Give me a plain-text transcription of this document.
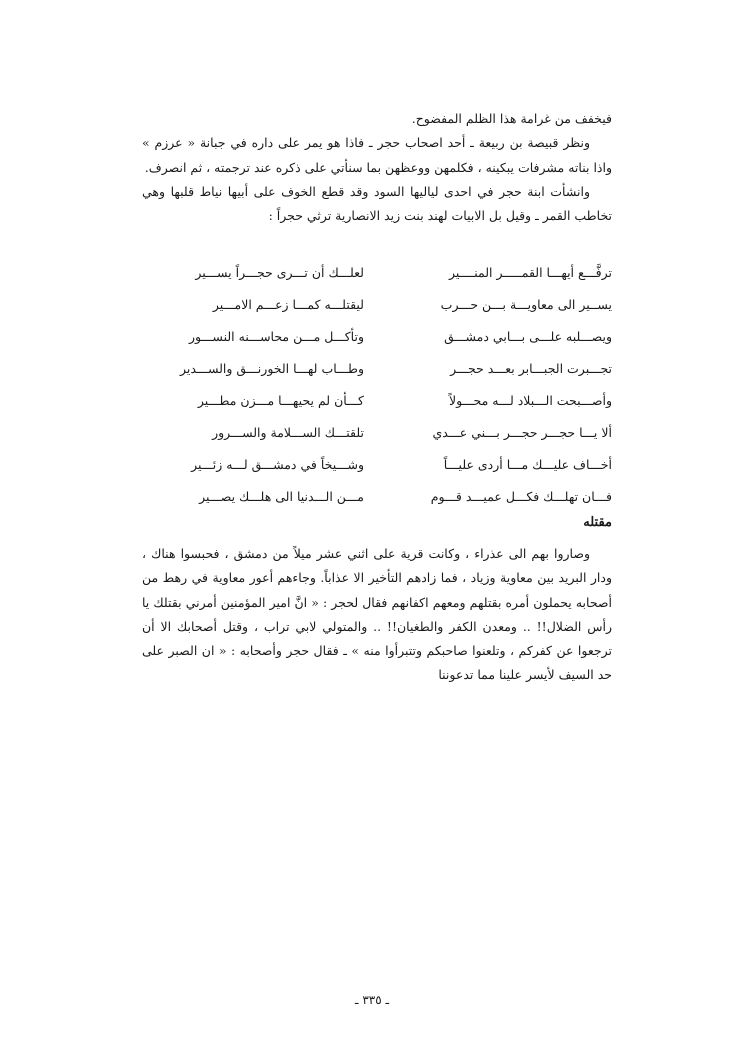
فيخفف من غرامة هذا الظلم المفضوح.

ونظر قبيصة بن ربيعة ـ أحد اصحاب حجر ـ فاذا هو يمر على داره في جبانة « عرزم » واذا بناته مشرفات يبكينه ، فكلمهن ووعظهن بما سنأتي على ذكره عند ترجمته ، ثم انصرف.

وانشأت ابنة حجر في احدى لياليها السود وقد قطع الخوف على أبيها نياط قلبها وهي تخاطب القمر ـ وقيل بل الابيات لهند بنت زيد الانصارية ترثي حجراً :

ترفَّـــع أيهـــا القمـــــر المنــــير
لعلـــك أن تـــرى حجـــراً يســـير
يســير الى معاويـــة بـــن حـــرب
ليقتلـــه كمـــا زعـــم الامـــير
ويصـــلبه علـــى بـــابي دمشـــق
وتأكـــل مـــن محاســـنه النســـور
تجـــبرت الجبـــابر بعـــد حجـــر
وطـــاب لهـــا الخورنـــق والســـدير
وأصـــبحت الـــبلاد لـــه محـــولاً
كـــأن لم يحيهـــا مـــزن مطـــير
ألا يـــا حجـــر حجـــر بـــني عـــدي
تلقتـــك الســـلامة والســـرور
أخـــاف عليـــك مـــا أردى عليـــاً
وشـــيخاً في دمشـــق لـــه زئـــير
فـــان تهلـــك فكـــل عميـــد قـــوم
مـــن الـــدنيا الى هلـــك يصـــير
مقتله

وصاروا بهم الى عذراء ، وكانت قرية على اثني عشر ميلاً من دمشق ، فحبسوا هناك ، ودار البريد بين معاوية وزياد ، فما زادهم التأخير الا عذاباً. وجاءهم أعور معاوية في رهط من أصحابه يحملون أمره بقتلهم ومعهم اكفانهم فقال لحجر : « انَّ امير المؤمنين أمرني بقتلك يا رأس الضلال!! .. ومعدن الكفر والطغيان!! .. والمتولي لابي تراب ، وقتل أصحابك الا أن ترجعوا عن كفركم ، وتلعنوا صاحبكم وتتبرأوا منه » ـ فقال حجر وأصحابه : « ان الصبر على حد السيف لأيسر علينا مما تدعوننا

ـ ٣٣٥ ـ
